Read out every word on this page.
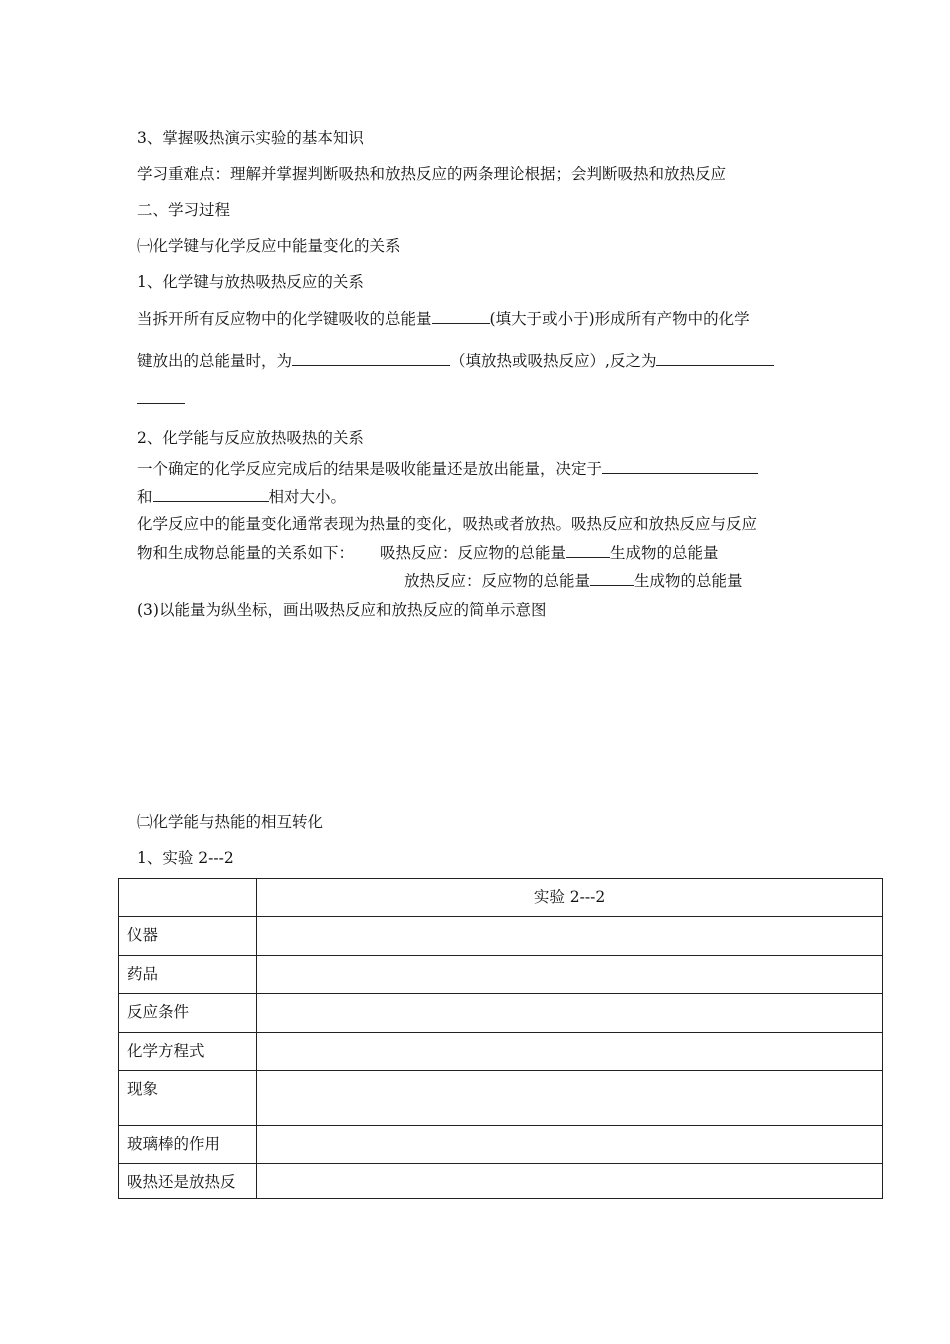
3、掌握吸热演示实验的基本知识
学习重难点：理解并掌握判断吸热和放热反应的两条理论根据；会判断吸热和放热反应
二、学习过程
㈠化学键与化学反应中能量变化的关系
1、化学键与放热吸热反应的关系
当拆开所有反应物中的化学键吸收的总能量	(填大于或小于)形成所有产物中的化学
键放出的总能量时，为	（填放热或吸热反应）,反之为
2、化学能与反应放热吸热的关系
一个确定的化学反应完成后的结果是吸收能量还是放出能量，决定于
和	相对大小。
化学反应中的能量变化通常表现为热量的变化，吸热或者放热。吸热反应和放热反应与反应
物和生成物总能量的关系如下： 吸热反应：反应物的总能量	生成物的总能量
放热反应：反应物的总能量	生成物的总能量
(3)以能量为纵坐标，画出吸热反应和放热反应的简单示意图
㈡化学能与热能的相互转化
1、实验 2---2
	实验 2---2
仪器	
药品	
反应条件	
化学方程式	
现象	
玻璃棒的作用	
吸热还是放热反	
